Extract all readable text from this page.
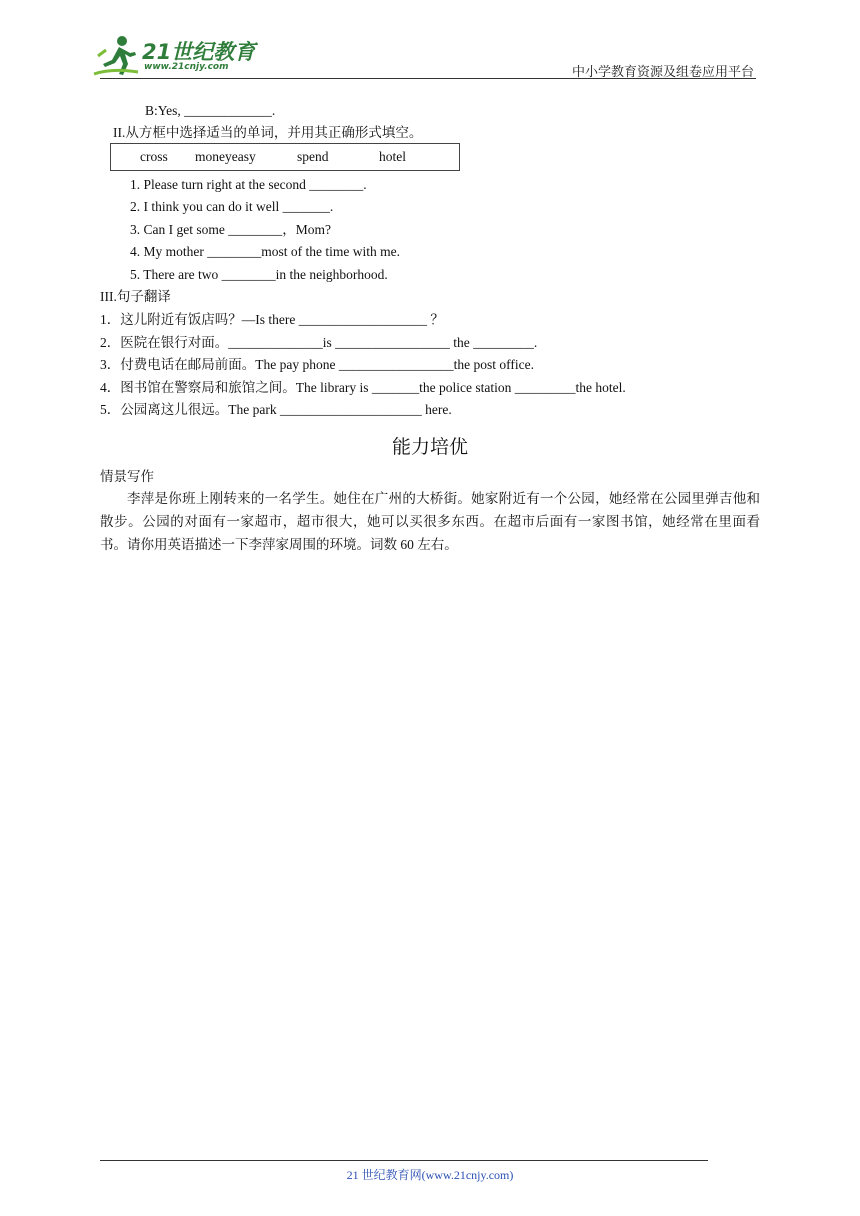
21世纪教育
www.21cnjy.com	中小学教育资源及组卷应用平台
B:Yes, _____________.
II.从方框中选择适当的单词，并用其正确形式填空。
cross moneyeasy	spend	hotel
1. Please turn right at the second ________.
2. I think you can do it well _______.
3. Can I get some ________，Mom?
4. My mother ________most of the time with me.
5. There are two ________in the neighborhood.
III.句子翻译
1．这儿附近有饭店吗？—Is there ___________________ ？
2．医院在银行对面。______________is _________________ the _________.
3．付费电话在邮局前面。The pay phone _________________the post office.
4．图书馆在警察局和旅馆之间。The library is _______the police station _________the hotel.
5．公园离这儿很远。The park _____________________ here.
能力培优
情景写作
李萍是你班上刚转来的一名学生。她住在广州的大桥街。她家附近有一个公园，她经常在公园里弹吉他和散步。公园的对面有一家超市，超市很大，她可以买很多东西。在超市后面有一家图书馆，她经常在里面看书。请你用英语描述一下李萍家周围的环境。词数 60 左右。
21 世纪教育网(www.21cnjy.com)
